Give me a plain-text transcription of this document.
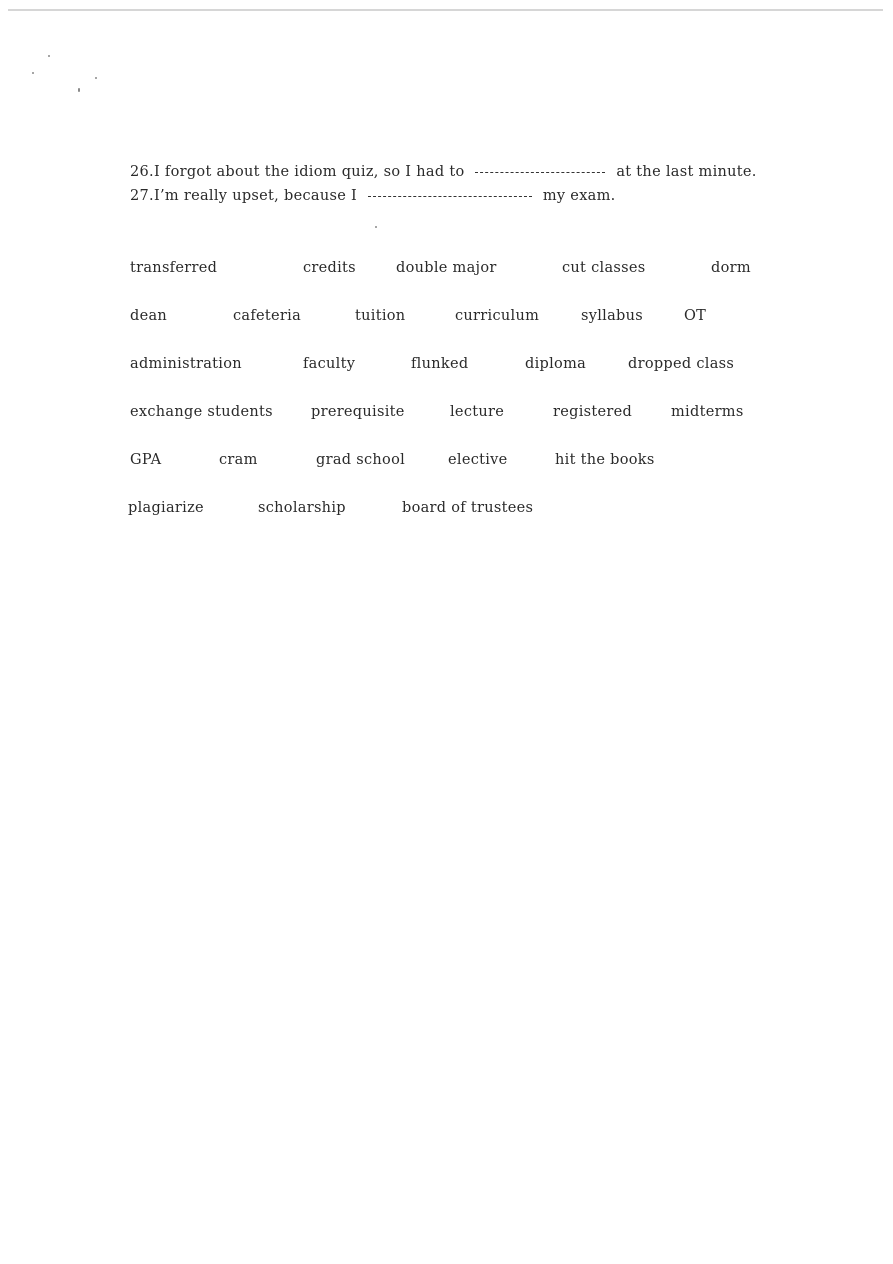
26.I forgot about the idiom quiz, so I had to	at the last minute.
27.I’m really upset, because I	my exam.
transferred	credits	double major	cut classes	dorm
dean	cafeteria	tuition	curriculum	syllabus	OT
administration	faculty	flunked	diploma	dropped class
exchange students	prerequisite	lecture	registered	midterms
GPA	cram	grad school	elective	hit the books
plagiarize	scholarship	board of trustees
